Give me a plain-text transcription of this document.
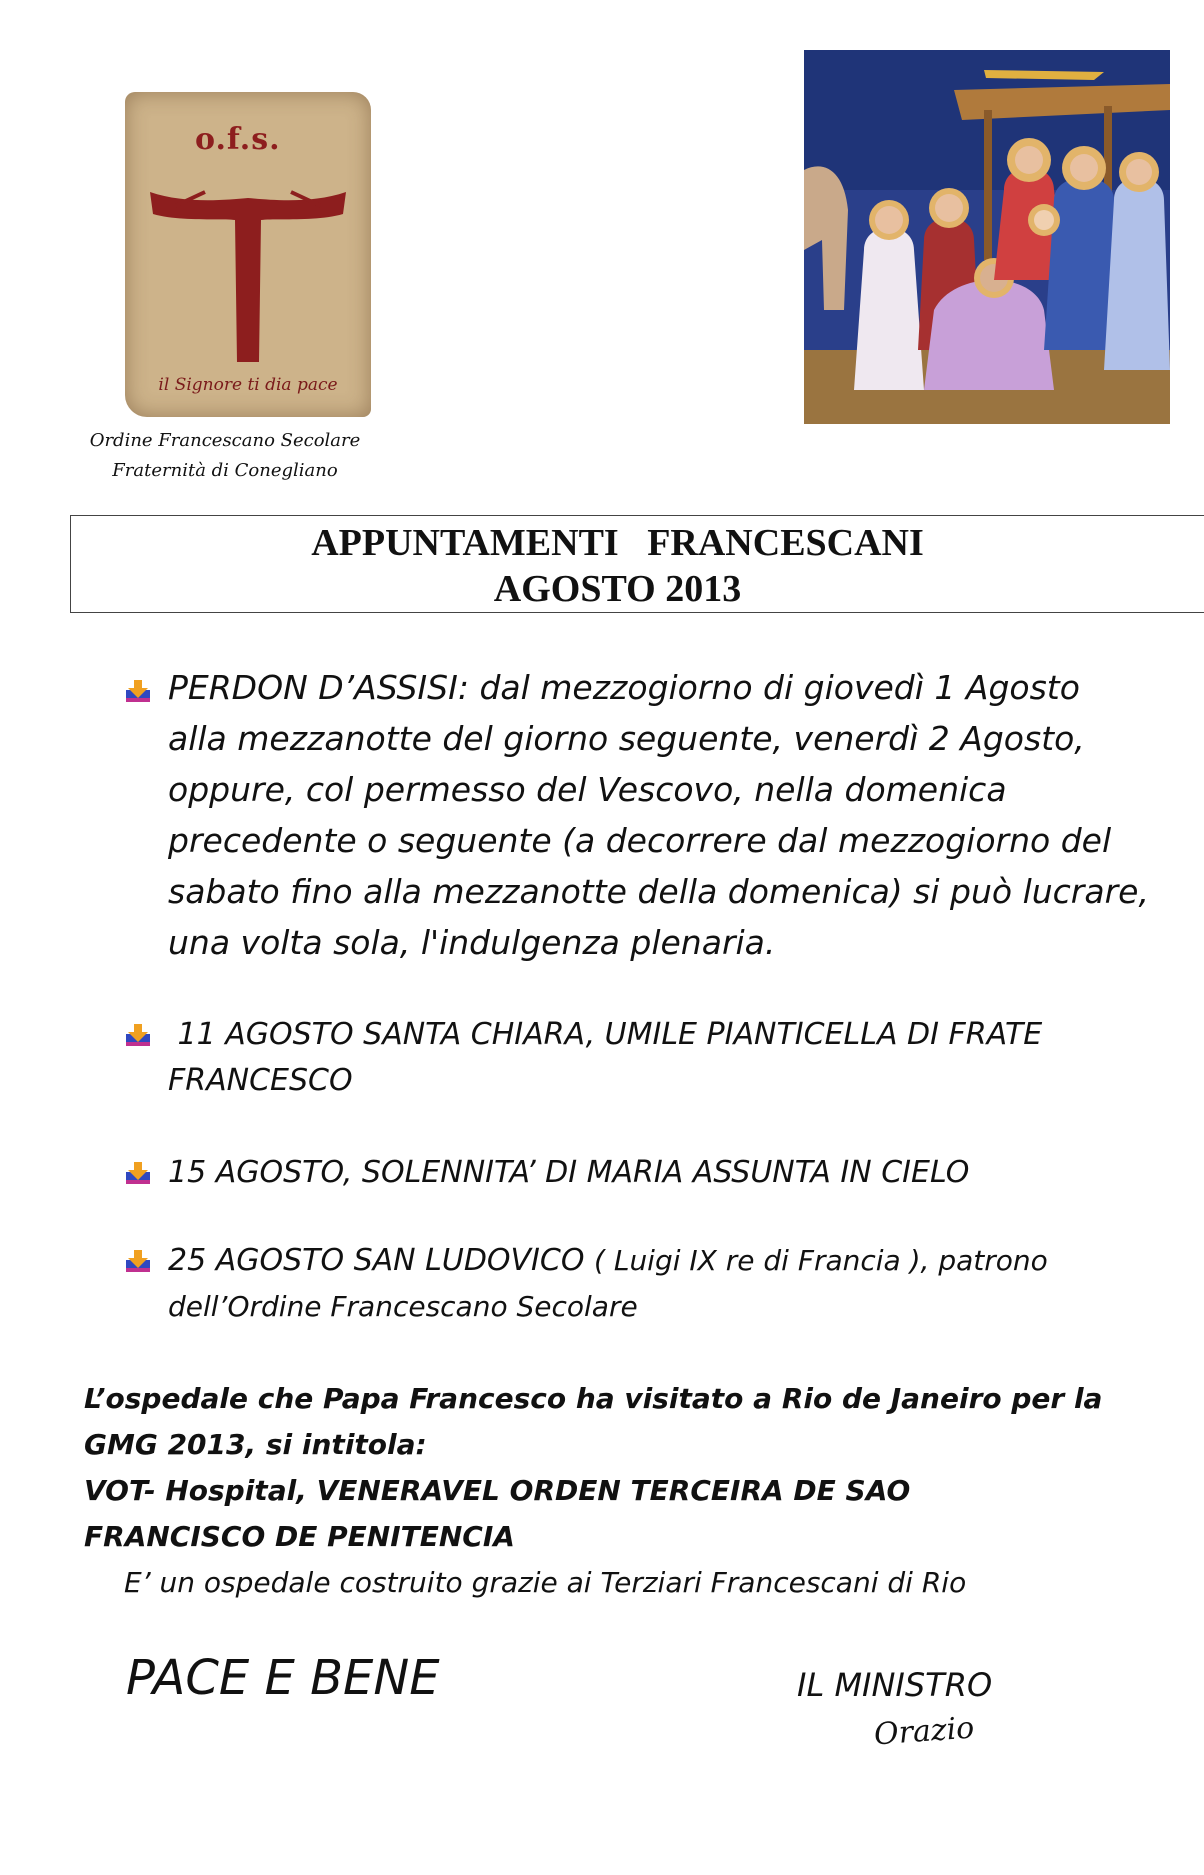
o.f.s.
il Signore ti dia pace
Ordine Francescano Secolare
Fraternità di Conegliano
APPUNTAMENTI   FRANCESCANI
AGOSTO 2013
PERDON D’ASSISI: dal mezzogiorno di giovedì 1 Agosto
alla mezzanotte del giorno seguente, venerdì 2 Agosto,
oppure, col permesso del Vescovo, nella domenica
precedente o seguente (a decorrere dal mezzogiorno del
sabato fino alla mezzanotte della domenica) si può lucrare,
una volta sola, l'indulgenza plenaria.
11 AGOSTO SANTA CHIARA, UMILE PIANTICELLA DI FRATE
FRANCESCO
15 AGOSTO, SOLENNITA’ DI MARIA ASSUNTA IN CIELO
25 AGOSTO SAN LUDOVICO ( Luigi IX re di Francia ), patrono
dell’Ordine Francescano Secolare
L’ospedale che Papa Francesco ha visitato a Rio de Janeiro per la
GMG 2013, si intitola:
VOT- Hospital, VENERAVEL ORDEN TERCEIRA DE SAO
FRANCISCO DE PENITENCIA
E’ un ospedale costruito grazie ai Terziari Francescani di Rio
PACE E BENE	IL MINISTRO
Orazio
